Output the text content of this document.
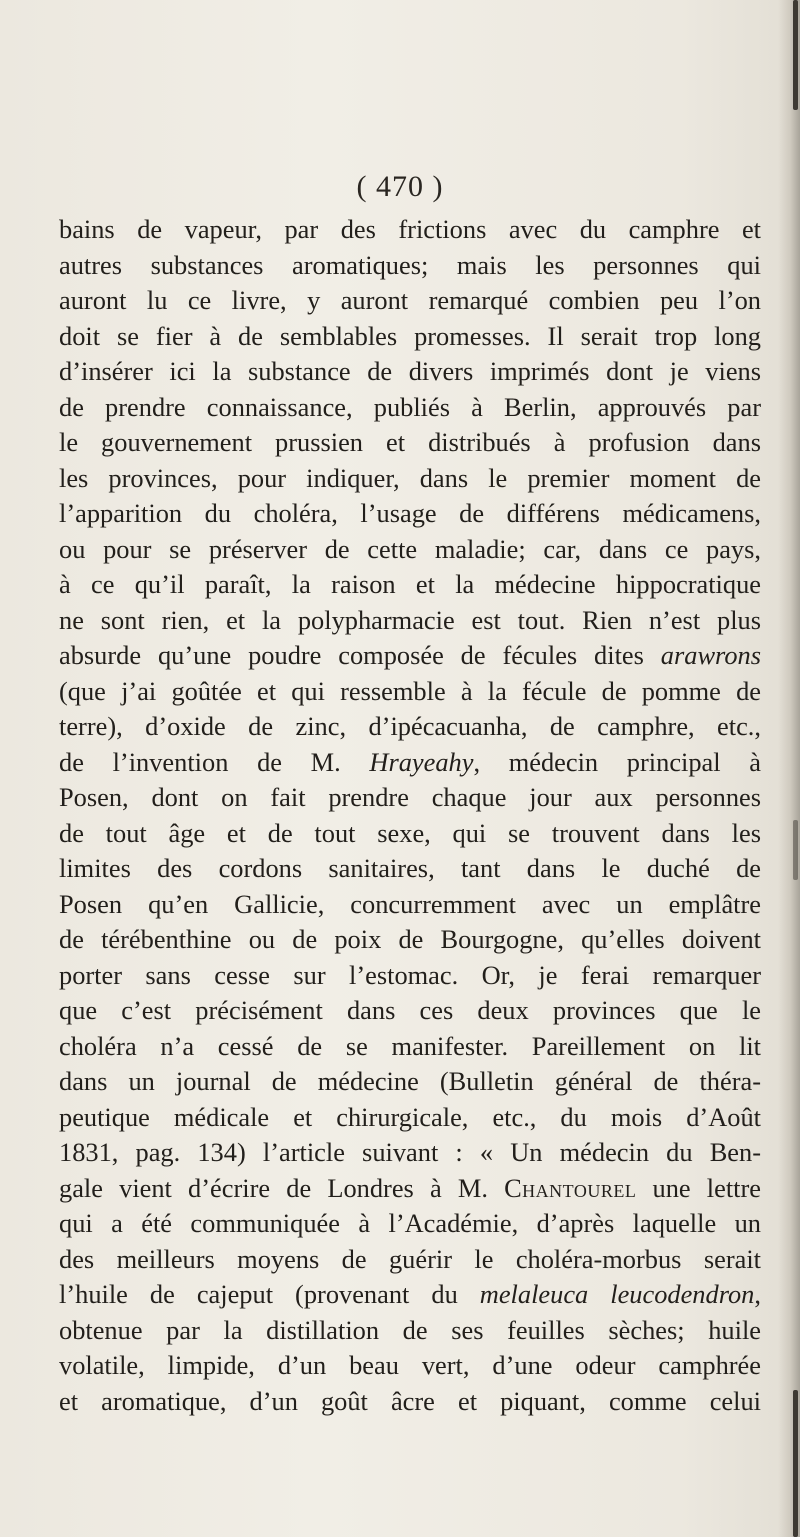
( 470 )
bains de vapeur, par des frictions avec du camphre et
autres substances aromatiques; mais les personnes qui
auront lu ce livre, y auront remarqué combien peu l’on
doit se fier à de semblables promesses. Il serait trop long
d’insérer ici la substance de divers imprimés dont je viens
de prendre connaissance, publiés à Berlin, approuvés par
le gouvernement prussien et distribués à profusion dans
les provinces, pour indiquer, dans le premier moment de
l’apparition du choléra, l’usage de différens médicamens,
ou pour se préserver de cette maladie; car, dans ce pays,
à ce qu’il paraît, la raison et la médecine hippocratique
ne sont rien, et la polypharmacie est tout. Rien n’est plus
absurde qu’une poudre composée de fécules dites arawrons
(que j’ai goûtée et qui ressemble à la fécule de pomme de
terre), d’oxide de zinc, d’ipécacuanha, de camphre, etc.,
de l’invention de M. Hrayeahy, médecin principal à
Posen, dont on fait prendre chaque jour aux personnes
de tout âge et de tout sexe, qui se trouvent dans les
limites des cordons sanitaires, tant dans le duché de
Posen qu’en Gallicie, concurremment avec un emplâtre
de térébenthine ou de poix de Bourgogne, qu’elles doivent
porter sans cesse sur l’estomac. Or, je ferai remarquer
que c’est précisément dans ces deux provinces que le
choléra n’a cessé de se manifester. Pareillement on lit
dans un journal de médecine (Bulletin général de théra-
peutique médicale et chirurgicale, etc., du mois d’Août
1831, pag. 134) l’article suivant : « Un médecin du Ben-
gale vient d’écrire de Londres à M. Chantourel une lettre
qui a été communiquée à l’Académie, d’après laquelle un
des meilleurs moyens de guérir le choléra-morbus serait
l’huile de cajeput (provenant du melaleuca leucodendron,
obtenue par la distillation de ses feuilles sèches; huile
volatile, limpide, d’un beau vert, d’une odeur camphrée
et aromatique, d’un goût âcre et piquant, comme celui
